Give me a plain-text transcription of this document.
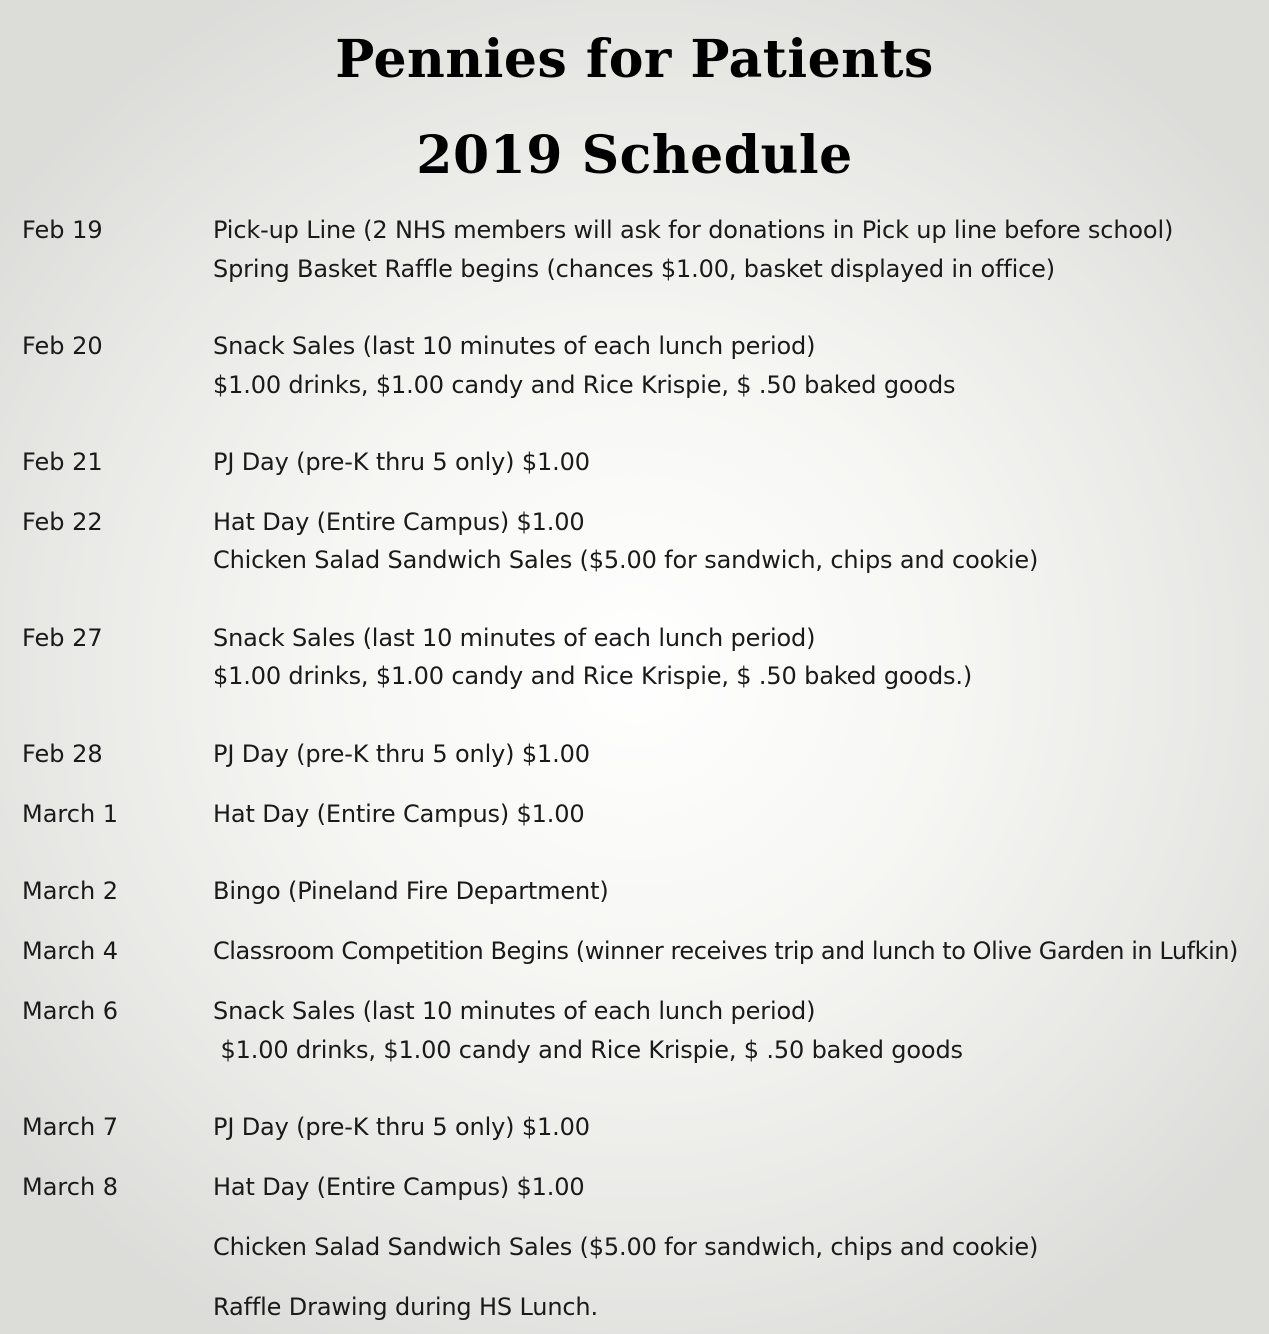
Pennies for Patients
2019 Schedule
Feb 19	Pick-up Line (2 NHS members will ask for donations in Pick up line before school)
Spring Basket Raffle begins (chances $1.00, basket displayed in office)
Feb 20	Snack Sales (last 10 minutes of each lunch period)
$1.00 drinks, $1.00 candy and Rice Krispie, $ .50 baked goods
Feb 21	PJ Day (pre-K thru 5 only) $1.00
Feb 22	Hat Day (Entire Campus) $1.00
Chicken Salad Sandwich Sales ($5.00 for sandwich, chips and cookie)
Feb 27	Snack Sales (last 10 minutes of each lunch period)
$1.00 drinks, $1.00 candy and Rice Krispie, $ .50 baked goods.)
Feb 28	PJ Day (pre-K thru 5 only) $1.00
March 1	Hat Day (Entire Campus) $1.00
March 2	Bingo (Pineland Fire Department)
March 4	Classroom Competition Begins (winner receives trip and lunch to Olive Garden in Lufkin)
March 6	Snack Sales (last 10 minutes of each lunch period)
$1.00 drinks, $1.00 candy and Rice Krispie, $ .50 baked goods
March 7	PJ Day (pre-K thru 5 only) $1.00
March 8	Hat Day (Entire Campus) $1.00
Chicken Salad Sandwich Sales ($5.00 for sandwich, chips and cookie)
Raffle Drawing during HS Lunch.
